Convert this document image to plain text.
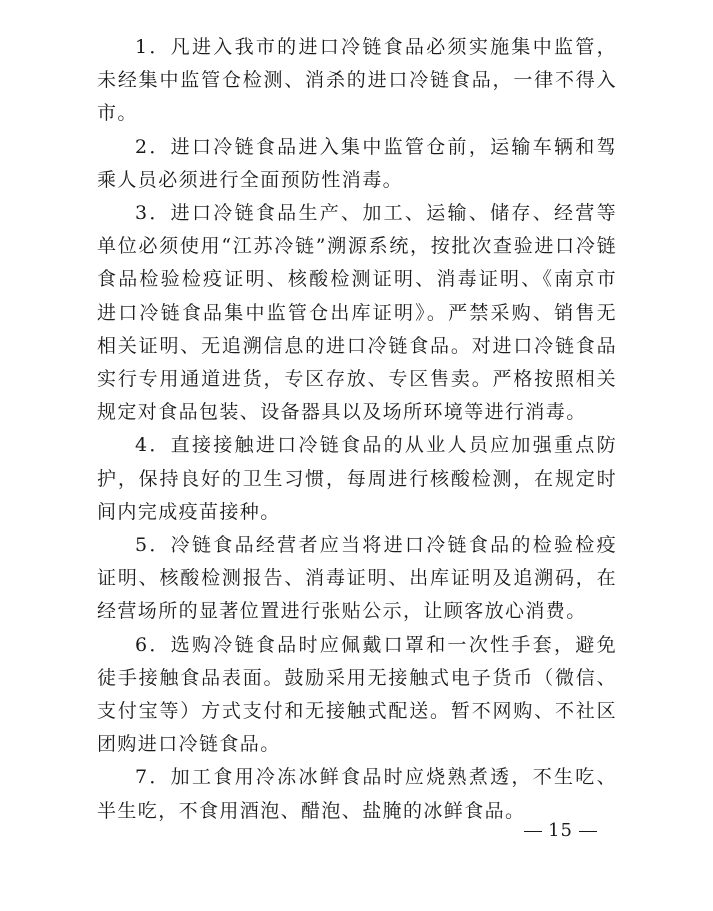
1．凡进入我市的进口冷链食品必须实施集中监管，未经集中监管仓检测、消杀的进口冷链食品，一律不得入市。

2．进口冷链食品进入集中监管仓前，运输车辆和驾乘人员必须进行全面预防性消毒。

3．进口冷链食品生产、加工、运输、储存、经营等单位必须使用“江苏冷链”溯源系统，按批次查验进口冷链食品检验检疫证明、核酸检测证明、消毒证明、《南京市进口冷链食品集中监管仓出库证明》。严禁采购、销售无相关证明、无追溯信息的进口冷链食品。对进口冷链食品实行专用通道进货，专区存放、专区售卖。严格按照相关规定对食品包装、设备器具以及场所环境等进行消毒。

4．直接接触进口冷链食品的从业人员应加强重点防护，保持良好的卫生习惯，每周进行核酸检测，在规定时间内完成疫苗接种。

5．冷链食品经营者应当将进口冷链食品的检验检疫证明、核酸检测报告、消毒证明、出库证明及追溯码，在经营场所的显著位置进行张贴公示，让顾客放心消费。

6．选购冷链食品时应佩戴口罩和一次性手套，避免徒手接触食品表面。鼓励采用无接触式电子货币（微信、支付宝等）方式支付和无接触式配送。暂不网购、不社区团购进口冷链食品。

7．加工食用冷冻冰鲜食品时应烧熟煮透，不生吃、半生吃，不食用酒泡、醋泡、盐腌的冰鲜食品。

15
